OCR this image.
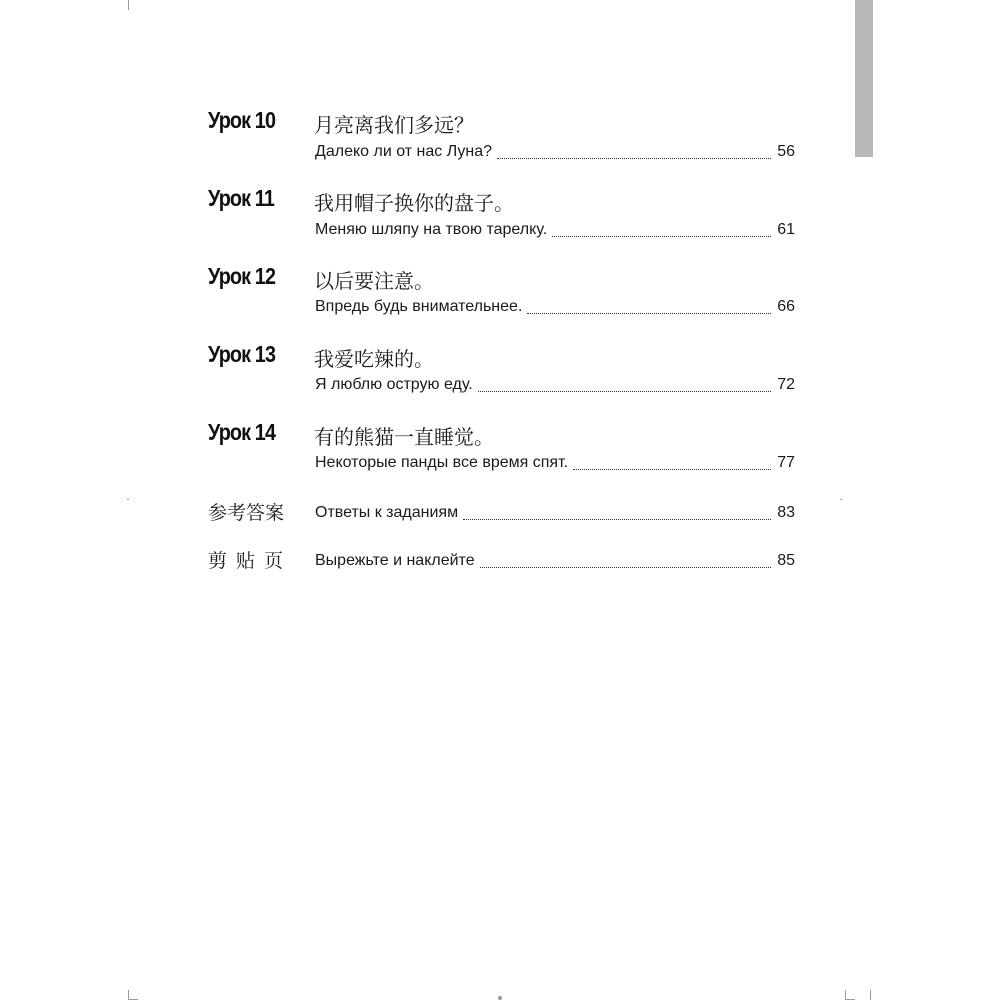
Урок 10 月亮离我们多远？
Далеко ли от нас Луна?	56
Урок 11 我用帽子换你的盘子。
Меняю шляпу на твою тарелку.	61
Урок 12 以后要注意。
Впредь будь внимательнее.	66
Урок 13 我爱吃辣的。
Я люблю острую еду.	72
Урок 14 有的熊猫一直睡觉。
Некоторые панды все время спят.	77
参考答案 Ответы к заданиям	83
剪贴页 Вырежьте и наклейте	85
